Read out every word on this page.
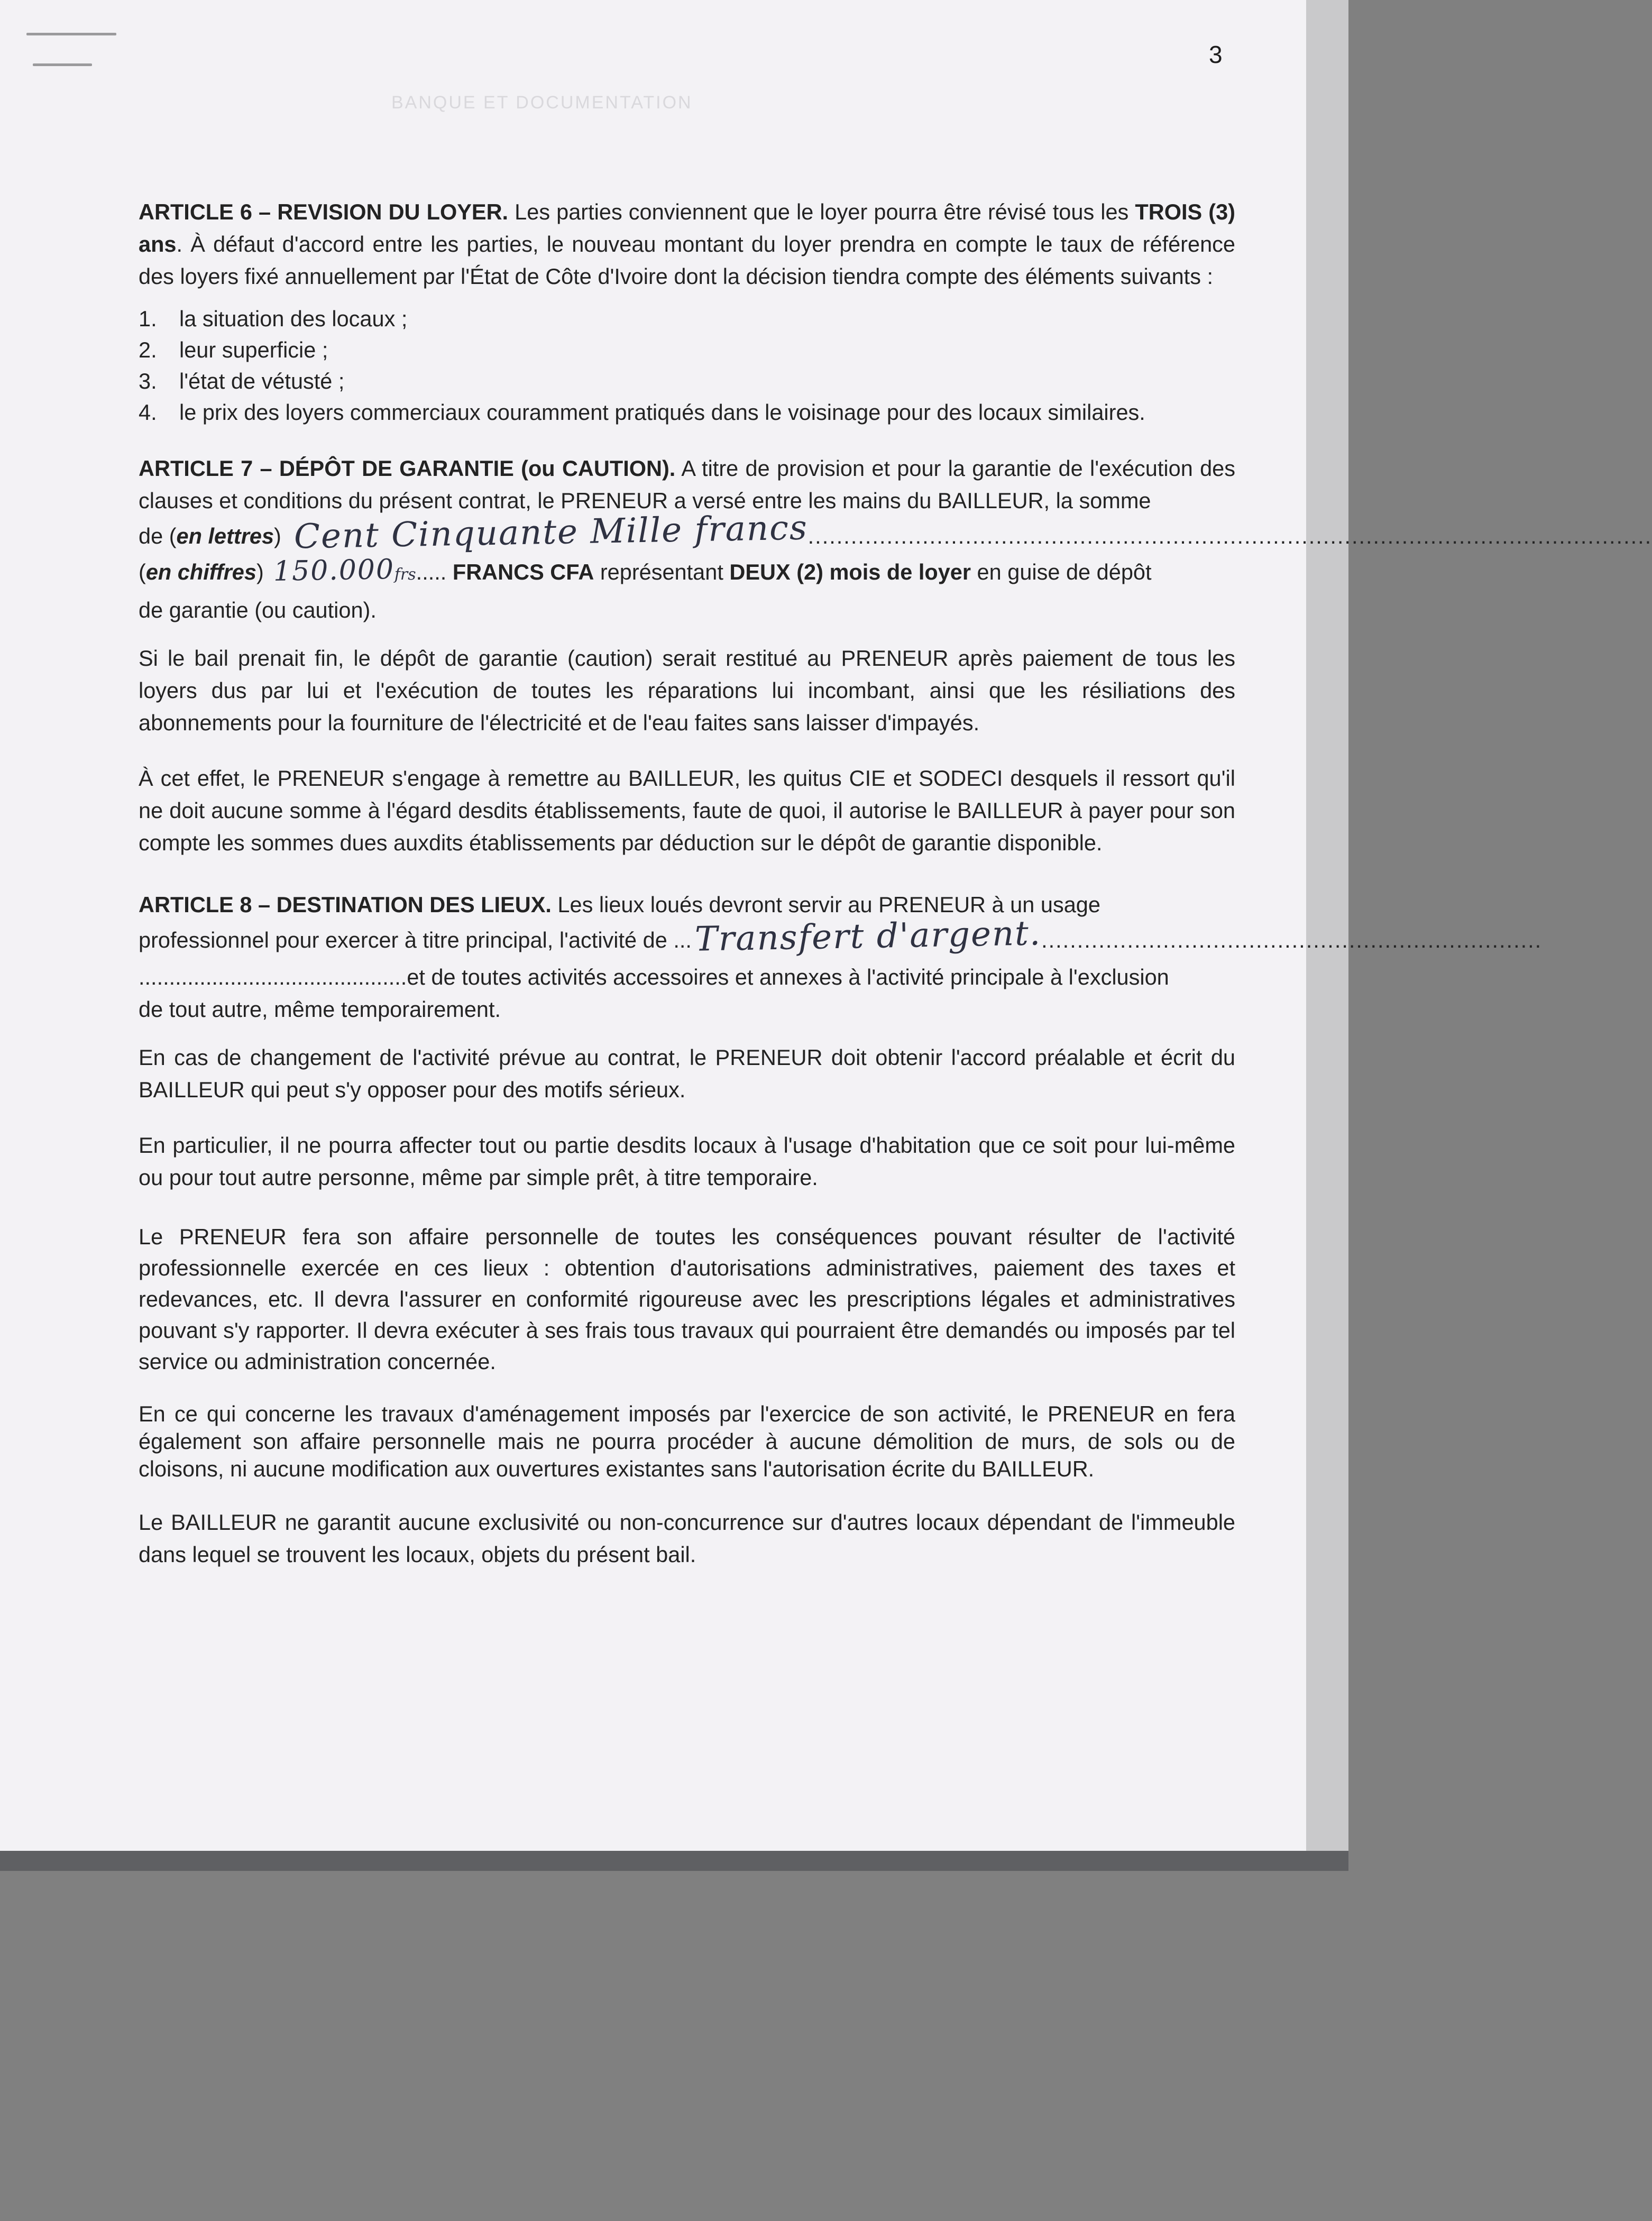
3
BANQUE ET DOCUMENTATION

ARTICLE 6 – REVISION DU LOYER. Les parties conviennent que le loyer pourra être révisé tous les TROIS (3) ans. À défaut d'accord entre les parties, le nouveau montant du loyer prendra en compte le taux de référence des loyers fixé annuellement par l'État de Côte d'Ivoire dont la décision tiendra compte des éléments suivants :

1. la situation des locaux ;
2. leur superficie ;
3. l'état de vétusté ;
4. le prix des loyers commerciaux couramment pratiqués dans le voisinage pour des locaux similaires.
ARTICLE 7 – DÉPÔT DE GARANTIE (ou CAUTION). A titre de provision et pour la garantie de l'exécution des clauses et conditions du présent contrat, le PRENEUR a versé entre les mains du BAILLEUR, la somme
de ( en lettres ) Cent Cinquante Mille francs ......................................................................................................................
( en chiffres ) 150.000 frs ..... FRANCS CFA représentant DEUX (2) mois de loyer en guise de dépôt
de garantie (ou caution).

Si le bail prenait fin, le dépôt de garantie (caution) serait restitué au PRENEUR après paiement de tous les loyers dus par lui et l'exécution de toutes les réparations lui incombant, ainsi que les résiliations des abonnements pour la fourniture de l'électricité et de l'eau faites sans laisser d'impayés.

À cet effet, le PRENEUR s'engage à remettre au BAILLEUR, les quitus CIE et SODECI desquels il ressort qu'il ne doit aucune somme à l'égard desdits établissements, faute de quoi, il autorise le BAILLEUR à payer pour son compte les sommes dues auxdits établissements par déduction sur le dépôt de garantie disponible.

ARTICLE 8 – DESTINATION DES LIEUX. Les lieux loués devront servir au PRENEUR à un usage
professionnel pour exercer à titre principal, l'activité de ... Transfert d'argent. ......................................................................
............................................ et de toutes activités accessoires et annexes à l'activité principale à l'exclusion
de tout autre, même temporairement.

En cas de changement de l'activité prévue au contrat, le PRENEUR doit obtenir l'accord préalable et écrit du BAILLEUR qui peut s'y opposer pour des motifs sérieux.

En particulier, il ne pourra affecter tout ou partie desdits locaux à l'usage d'habitation que ce soit pour lui-même ou pour tout autre personne, même par simple prêt, à titre temporaire.

Le PRENEUR fera son affaire personnelle de toutes les conséquences pouvant résulter de l'activité professionnelle exercée en ces lieux : obtention d'autorisations administratives, paiement des taxes et redevances, etc. Il devra l'assurer en conformité rigoureuse avec les prescriptions légales et administratives pouvant s'y rapporter. Il devra exécuter à ses frais tous travaux qui pourraient être demandés ou imposés par tel service ou administration concernée.

En ce qui concerne les travaux d'aménagement imposés par l'exercice de son activité, le PRENEUR en fera également son affaire personnelle mais ne pourra procéder à aucune démolition de murs, de sols ou de cloisons, ni aucune modification aux ouvertures existantes sans l'autorisation écrite du BAILLEUR.

Le BAILLEUR ne garantit aucune exclusivité ou non-concurrence sur d'autres locaux dépendant de l'immeuble dans lequel se trouvent les locaux, objets du présent bail.
